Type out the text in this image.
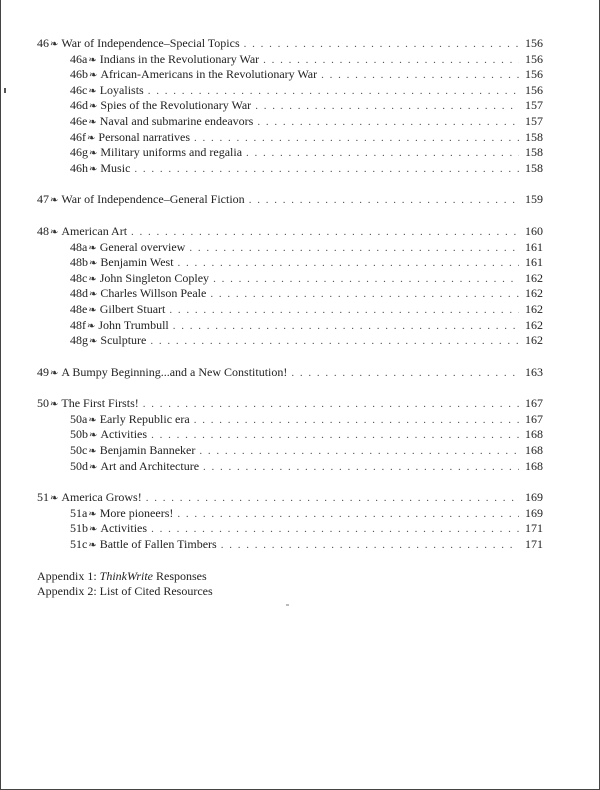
46 ❧ War of Independence–Special Topics . . .	156
46a ❧ Indians in the Revolutionary War . . .	156
46b ❧ African-Americans in the Revolutionary War . . .	156
46c ❧ Loyalists . . .	156
46d ❧ Spies of the Revolutionary War . . .	157
46e ❧ Naval and submarine endeavors . . .	157
46f ❧ Personal narratives . . .	158
46g ❧ Military uniforms and regalia . . .	158
46h ❧ Music . . .	158
47 ❧ War of Independence–General Fiction . . .	159
48 ❧ American Art . . .	160
48a ❧ General overview . . .	161
48b ❧ Benjamin West . . .	161
48c ❧ John Singleton Copley . . .	162
48d ❧ Charles Willson Peale . . .	162
48e ❧ Gilbert Stuart . . .	162
48f ❧ John Trumbull . . .	162
48g ❧ Sculpture . . .	162
49 ❧ A Bumpy Beginning...and a New Constitution! . . .	163
50 ❧ The First Firsts! . . .	167
50a ❧ Early Republic era . . .	167
50b ❧ Activities . . .	168
50c ❧ Benjamin Banneker . . .	168
50d ❧ Art and Architecture . . .	168
51 ❧ America Grows! . . .	169
51a ❧ More pioneers! . . .	169
51b ❧ Activities . . .	171
51c ❧ Battle of Fallen Timbers . . .	171
Appendix 1: ThinkWrite Responses
Appendix 2: List of Cited Resources
